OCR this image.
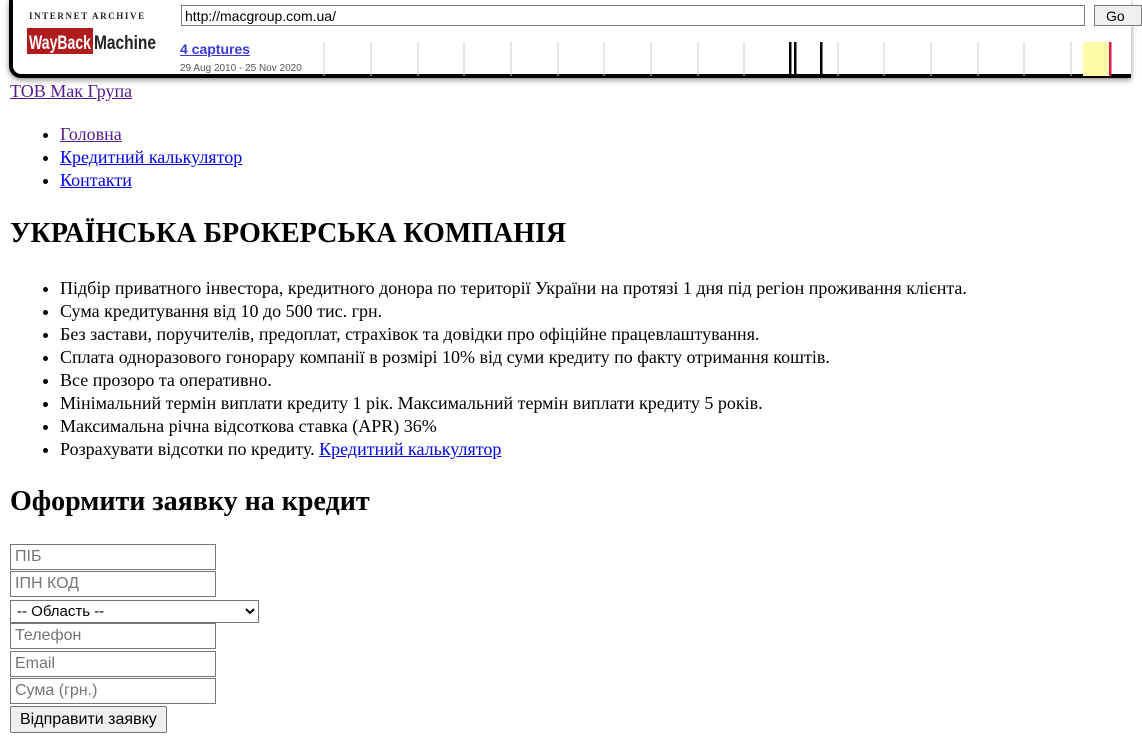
INTERNET ARCHIVE
WayBack Machine
http://macgroup.com.ua/
Go
4 captures
29 Aug 2010 - 25 Nov 2020
ТОВ Мак Група
• Головна
• Кредитний калькулятор
• Контакти
УКРАЇНСЬКА БРОКЕРСЬКА КОМПАНІЯ
• Підбір приватного інвестора, кредитного донора по території України на протязі 1 дня під регіон проживання клієнта.
• Сума кредитування від 10 до 500 тис. грн.
• Без застави, поручителів, предоплат, страхівок та довідки про офіційне працевлаштування.
• Сплата одноразового гонорару компанії в розмірі 10% від суми кредиту по факту отримання коштів.
• Все прозоро та оперативно.
• Мінімальний термін виплати кредиту 1 рік. Максимальний термін виплати кредиту 5 років.
• Максимальна річна відсоткова ставка (APR) 36%
• Розрахувати відсотки по кредиту. Кредитний калькулятор
Оформити заявку на кредит
ПІБ
ІПН КОД
-- Область --
Телефон
Email
Сума (грн.)
Відправити заявку
